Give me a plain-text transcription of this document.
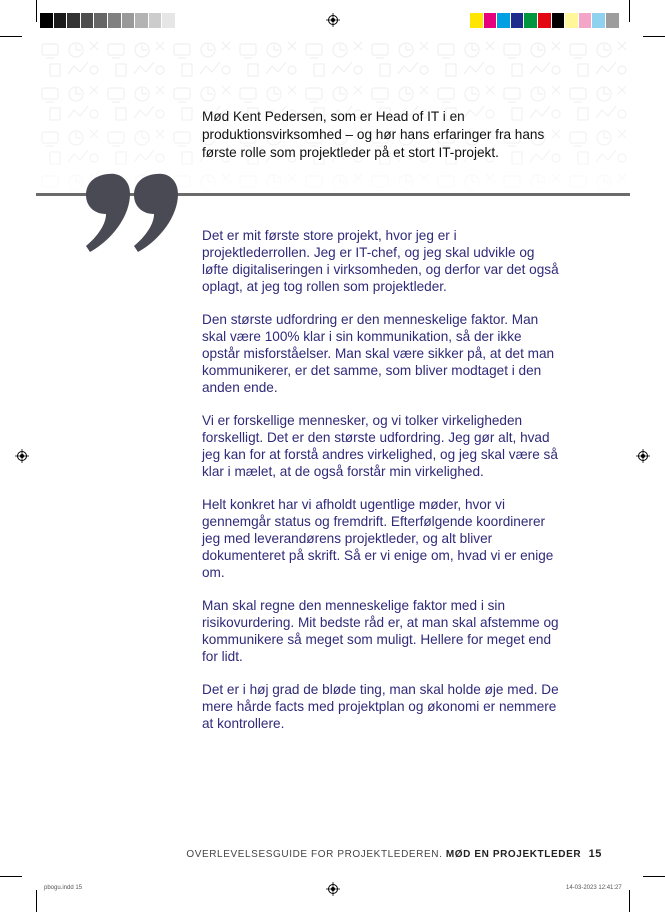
Mød Kent Pedersen, som er Head of IT i en produktionsvirksomhed – og hør hans erfaringer fra hans første rolle som projektleder på et stort IT-projekt.

Det er mit første store projekt, hvor jeg er i projektlederrollen. Jeg er IT-chef, og jeg skal udvikle og løfte digitaliseringen i virksomheden, og derfor var det også oplagt, at jeg tog rollen som projektleder.

Den største udfordring er den menneskelige faktor. Man skal være 100% klar i sin kommunikation, så der ikke opstår misforståelser. Man skal være sikker på, at det man kommunikerer, er det samme, som bliver modtaget i den anden ende.

Vi er forskellige mennesker, og vi tolker virkeligheden forskelligt. Det er den største udfordring. Jeg gør alt, hvad jeg kan for at forstå andres virkelighed, og jeg skal være så klar i mælet, at de også forstår min virkelighed.

Helt konkret har vi afholdt ugentlige møder, hvor vi gennemgår status og fremdrift. Efterfølgende koordinerer jeg med leverandørens projektleder, og alt bliver dokumenteret på skrift. Så er vi enige om, hvad vi er enige om.

Man skal regne den menneskelige faktor med i sin risikovurdering. Mit bedste råd er, at man skal afstemme og kommunikere så meget som muligt. Hellere for meget end for lidt.

Det er i høj grad de bløde ting, man skal holde øje med. De mere hårde facts med projektplan og økonomi er nemmere at kontrollere.

OVERLEVELSESGUIDE FOR PROJEKTLEDEREN. MØD EN PROJEKTLEDER 15
pbogu.indd 15	14-03-2023 12:41:27
